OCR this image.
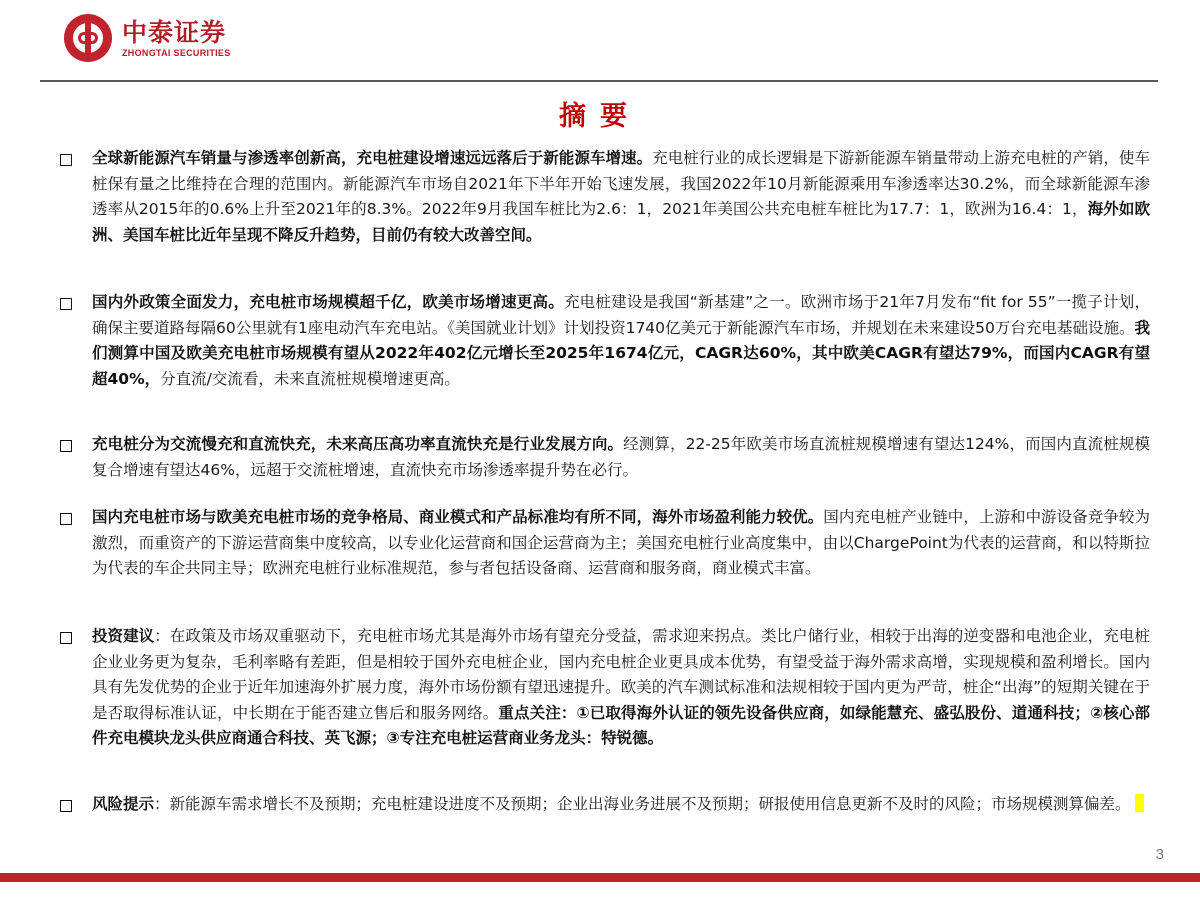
中泰证券
ZHONGTAI SECURITIES
摘要
全球新能源汽车销量与渗透率创新高，充电桩建设增速远远落后于新能源车增速。充电桩行业的成长逻辑是下游新能源车销量带动上游充电桩的产销，使车桩保有量之比维持在合理的范围内。新能源汽车市场自2021年下半年开始飞速发展，我国2022年10月新能源乘用车渗透率达30.2%，而全球新能源车渗透率从2015年的0.6%上升至2021年的8.3%。2022年9月我国车桩比为2.6：1，2021年美国公共充电桩车桩比为17.7：1，欧洲为16.4：1，海外如欧洲、美国车桩比近年呈现不降反升趋势，目前仍有较大改善空间。
国内外政策全面发力，充电桩市场规模超千亿，欧美市场增速更高。充电桩建设是我国“新基建”之一。欧洲市场于21年7月发布“fit for 55”一揽子计划，确保主要道路每隔60公里就有1座电动汽车充电站。《美国就业计划》计划投资1740亿美元于新能源汽车市场，并规划在未来建设50万台充电基础设施。我们测算中国及欧美充电桩市场规模有望从2022年402亿元增长至2025年1674亿元，CAGR达60%，其中欧美CAGR有望达79%，而国内CAGR有望超40%，分直流/交流看，未来直流桩规模增速更高。
充电桩分为交流慢充和直流快充，未来高压高功率直流快充是行业发展方向。经测算，22-25年欧美市场直流桩规模增速有望达124%，而国内直流桩规模复合增速有望达46%，远超于交流桩增速，直流快充市场渗透率提升势在必行。
国内充电桩市场与欧美充电桩市场的竞争格局、商业模式和产品标准均有所不同，海外市场盈利能力较优。国内充电桩产业链中，上游和中游设备竞争较为激烈，而重资产的下游运营商集中度较高，以专业化运营商和国企运营商为主；美国充电桩行业高度集中，由以ChargePoint为代表的运营商，和以特斯拉为代表的车企共同主导；欧洲充电桩行业标准规范，参与者包括设备商、运营商和服务商，商业模式丰富。
投资建议：在政策及市场双重驱动下，充电桩市场尤其是海外市场有望充分受益，需求迎来拐点。类比户储行业，相较于出海的逆变器和电池企业，充电桩企业业务更为复杂，毛利率略有差距，但是相较于国外充电桩企业，国内充电桩企业更具成本优势，有望受益于海外需求高增，实现规模和盈利增长。国内具有先发优势的企业于近年加速海外扩展力度，海外市场份额有望迅速提升。欧美的汽车测试标准和法规相较于国内更为严苛，桩企“出海”的短期关键在于是否取得标准认证，中长期在于能否建立售后和服务网络。重点关注：①已取得海外认证的领先设备供应商，如绿能慧充、盛弘股份、道通科技；②核心部件充电模块龙头供应商通合科技、英飞源；③专注充电桩运营商业务龙头：特锐德。
风险提示：新能源车需求增长不及预期；充电桩建设进度不及预期；企业出海业务进展不及预期；研报使用信息更新不及时的风险；市场规模测算偏差。
3
